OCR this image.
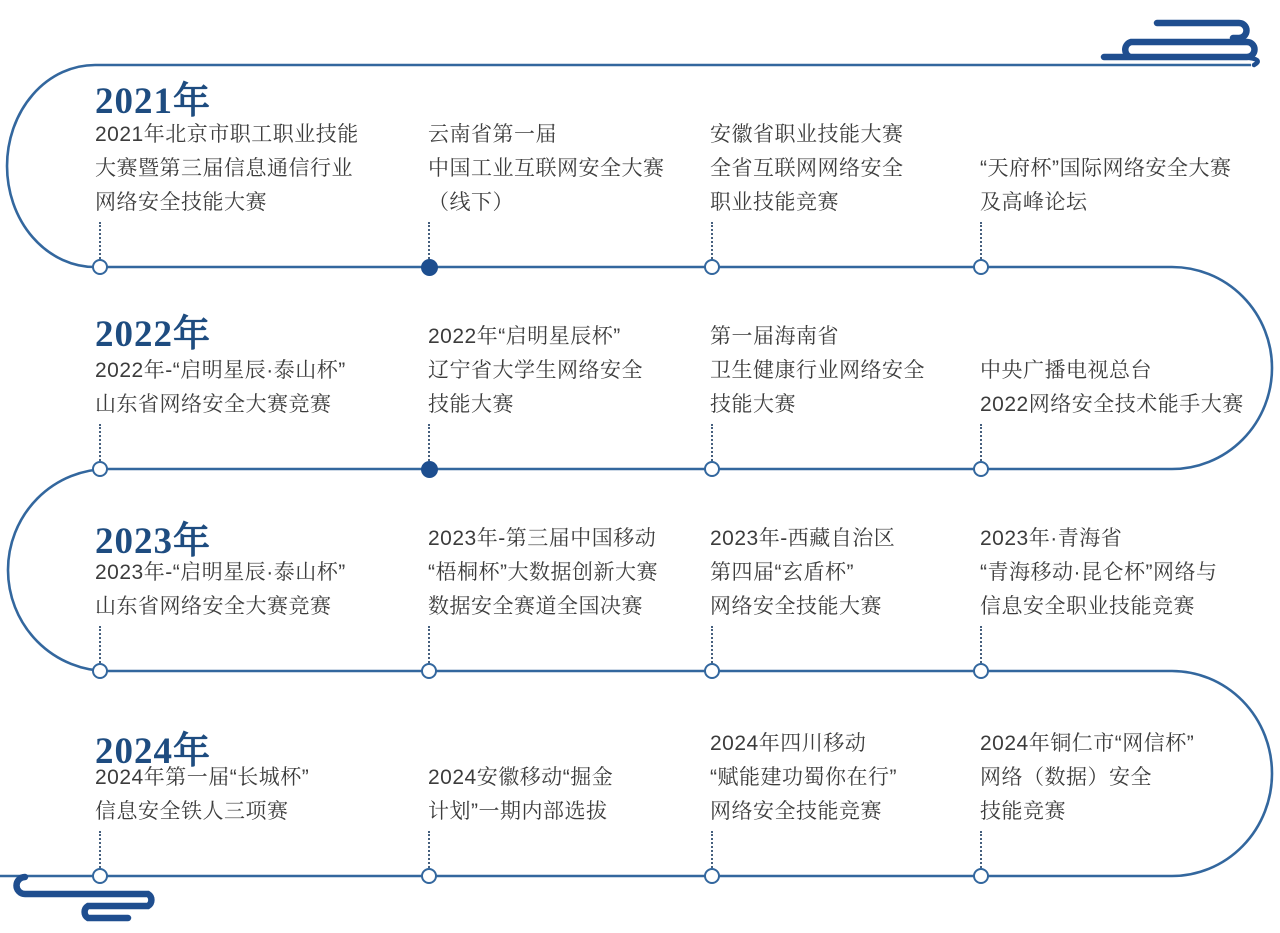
2021年
2021年北京市职工职业技能
大赛暨第三届信息通信行业
网络安全技能大赛
云南省第一届
中国工业互联网安全大赛
（线下）
安徽省职业技能大赛
全省互联网网络安全
职业技能竞赛
“天府杯”国际网络安全大赛
及高峰论坛
2022年
2022年-“启明星辰·泰山杯”
山东省网络安全大赛竞赛
2022年“启明星辰杯”
辽宁省大学生网络安全
技能大赛
第一届海南省
卫生健康行业网络安全
技能大赛
中央广播电视总台
2022网络安全技术能手大赛
2023年
2023年-“启明星辰·泰山杯”
山东省网络安全大赛竞赛
2023年-第三届中国移动
“梧桐杯”大数据创新大赛
数据安全赛道全国决赛
2023年-西藏自治区
第四届“玄盾杯”
网络安全技能大赛
2023年·青海省
“青海移动·昆仑杯”网络与
信息安全职业技能竞赛
2024年
2024年第一届“长城杯”
信息安全铁人三项赛
2024安徽移动“掘金
计划”一期内部选拔
2024年四川移动
“赋能建功蜀你在行”
网络安全技能竞赛
2024年铜仁市“网信杯”
网络（数据）安全
技能竞赛
